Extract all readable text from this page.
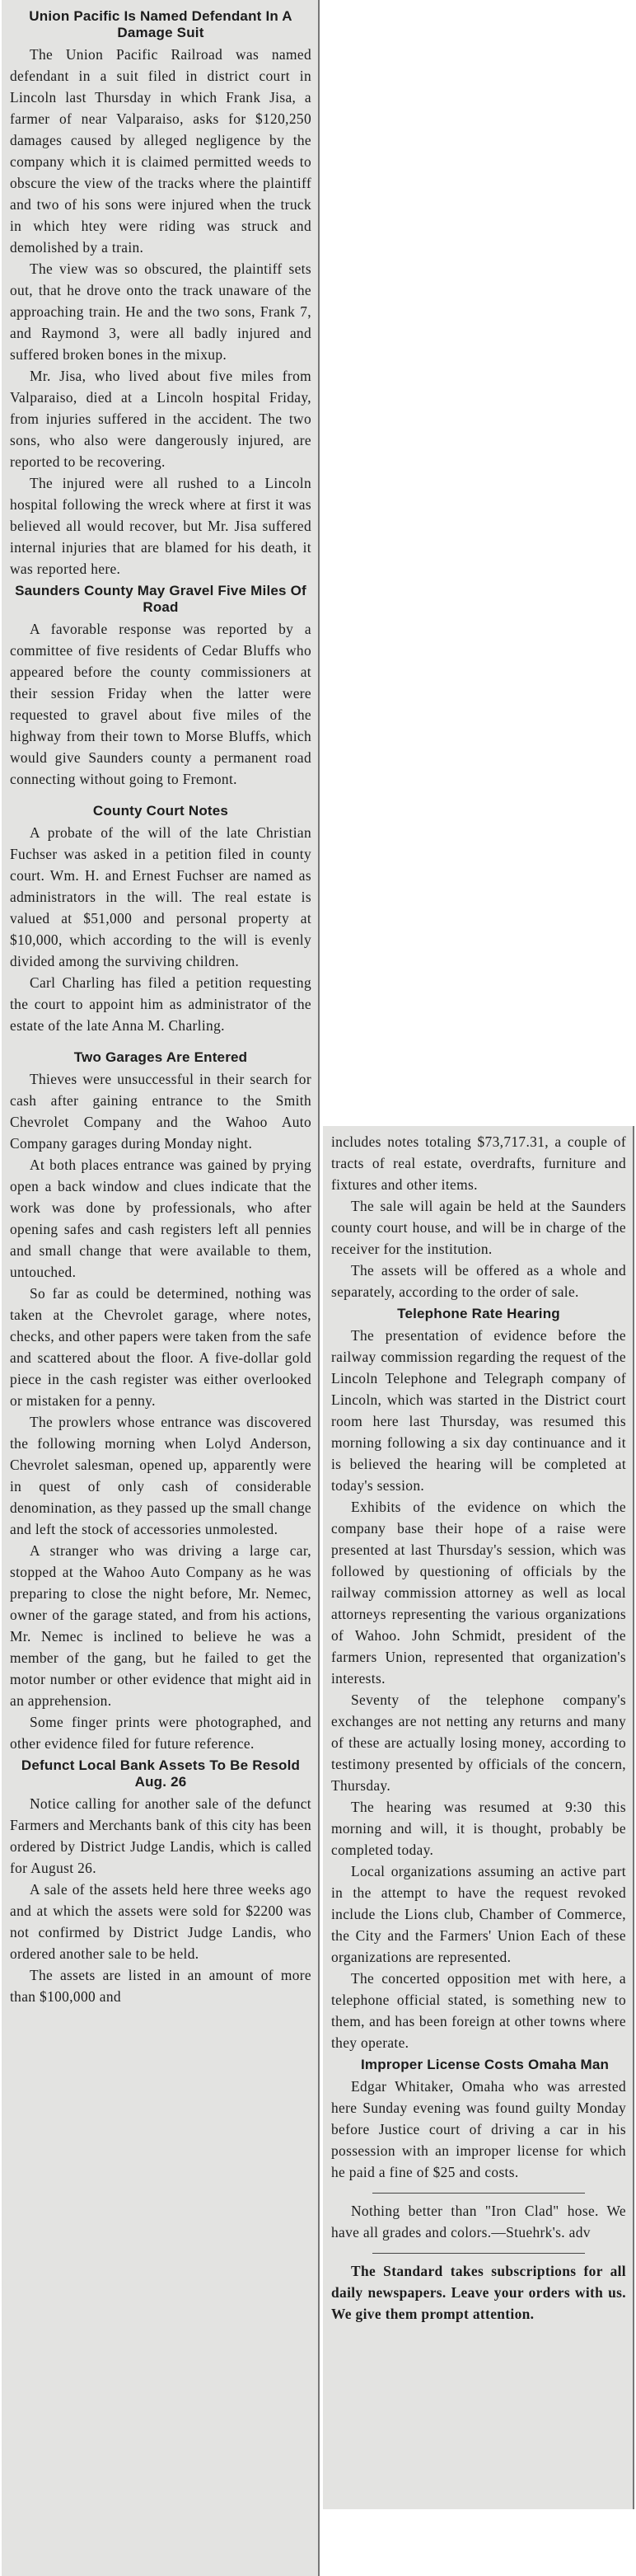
Union Pacific Is Named Defendant In A Damage Suit

The Union Pacific Railroad was named defendant in a suit filed in district court in Lincoln last Thursday in which Frank Jisa, a farmer of near Valparaiso, asks for $120,250 damages caused by alleged negligence by the company which it is claimed permitted weeds to obscure the view of the tracks where the plaintiff and two of his sons were injured when the truck in which htey were riding was struck and demolished by a train.

The view was so obscured, the plaintiff sets out, that he drove onto the track unaware of the approaching train. He and the two sons, Frank 7, and Raymond 3, were all badly injured and suffered broken bones in the mixup.

Mr. Jisa, who lived about five miles from Valparaiso, died at a Lincoln hospital Friday, from injuries suffered in the accident. The two sons, who also were dangerously injured, are reported to be recovering.

The injured were all rushed to a Lincoln hospital following the wreck where at first it was believed all would recover, but Mr. Jisa suffered internal injuries that are blamed for his death, it was reported here.

Saunders County May Gravel Five Miles Of Road

A favorable response was reported by a committee of five residents of Cedar Bluffs who appeared before the county commissioners at their session Friday when the latter were requested to gravel about five miles of the highway from their town to Morse Bluffs, which would give Saunders county a permanent road connecting without going to Fremont.

County Court Notes

A probate of the will of the late Christian Fuchser was asked in a petition filed in county court. Wm. H. and Ernest Fuchser are named as administrators in the will. The real estate is valued at $51,000 and personal property at $10,000, which according to the will is evenly divided among the surviving children.

Carl Charling has filed a petition requesting the court to appoint him as administrator of the estate of the late Anna M. Charling.

Two Garages Are Entered

Thieves were unsuccessful in their search for cash after gaining entrance to the Smith Chevrolet Company and the Wahoo Auto Company garages during Monday night.

At both places entrance was gained by prying open a back window and clues indicate that the work was done by professionals, who after opening safes and cash registers left all pennies and small change that were available to them, untouched.

So far as could be determined, nothing was taken at the Chevrolet garage, where notes, checks, and other papers were taken from the safe and scattered about the floor. A five-dollar gold piece in the cash register was either overlooked or mistaken for a penny.

The prowlers whose entrance was discovered the following morning when Lolyd Anderson, Chevrolet salesman, opened up, apparently were in quest of only cash of considerable denomination, as they passed up the small change and left the stock of accessories unmolested.

A stranger who was driving a large car, stopped at the Wahoo Auto Company as he was preparing to close the night before, Mr. Nemec, owner of the garage stated, and from his actions, Mr. Nemec is inclined to believe he was a member of the gang, but he failed to get the motor number or other evidence that might aid in an apprehension.

Some finger prints were photographed, and other evidence filed for future reference.

Defunct Local Bank Assets To Be Resold Aug. 26

Notice calling for another sale of the defunct Farmers and Merchants bank of this city has been ordered by District Judge Landis, which is called for August 26.

A sale of the assets held here three weeks ago and at which the assets were sold for $2200 was not confirmed by District Judge Landis, who ordered another sale to be held.

The assets are listed in an amount of more than $100,000 and

includes notes totaling $73,717.31, a couple of tracts of real estate, overdrafts, furniture and fixtures and other items.

The sale will again be held at the Saunders county court house, and will be in charge of the receiver for the institution.

The assets will be offered as a whole and separately, according to the order of sale.

Telephone Rate Hearing

The presentation of evidence before the railway commission regarding the request of the Lincoln Telephone and Telegraph company of Lincoln, which was started in the District court room here last Thursday, was resumed this morning following a six day continuance and it is believed the hearing will be completed at today's session.

Exhibits of the evidence on which the company base their hope of a raise were presented at last Thursday's session, which was followed by questioning of officials by the railway commission attorney as well as local attorneys representing the various organizations of Wahoo. John Schmidt, president of the farmers Union, represented that organization's interests.

Seventy of the telephone company's exchanges are not netting any returns and many of these are actually losing money, according to testimony presented by officials of the concern, Thursday.

The hearing was resumed at 9:30 this morning and will, it is thought, probably be completed today.

Local organizations assuming an active part in the attempt to have the request revoked include the Lions club, Chamber of Commerce, the City and the Farmers' Union Each of these organizations are represented.

The concerted opposition met with here, a telephone official stated, is something new to them, and has been foreign at other towns where they operate.

Improper License Costs Omaha Man

Edgar Whitaker, Omaha who was arrested here Sunday evening was found guilty Monday before Justice court of driving a car in his possession with an improper license for which he paid a fine of $25 and costs.

Nothing better than "Iron Clad" hose. We have all grades and colors.—Stuehrk's. adv

The Standard takes subscriptions for all daily newspapers. Leave your orders with us. We give them prompt attention.
